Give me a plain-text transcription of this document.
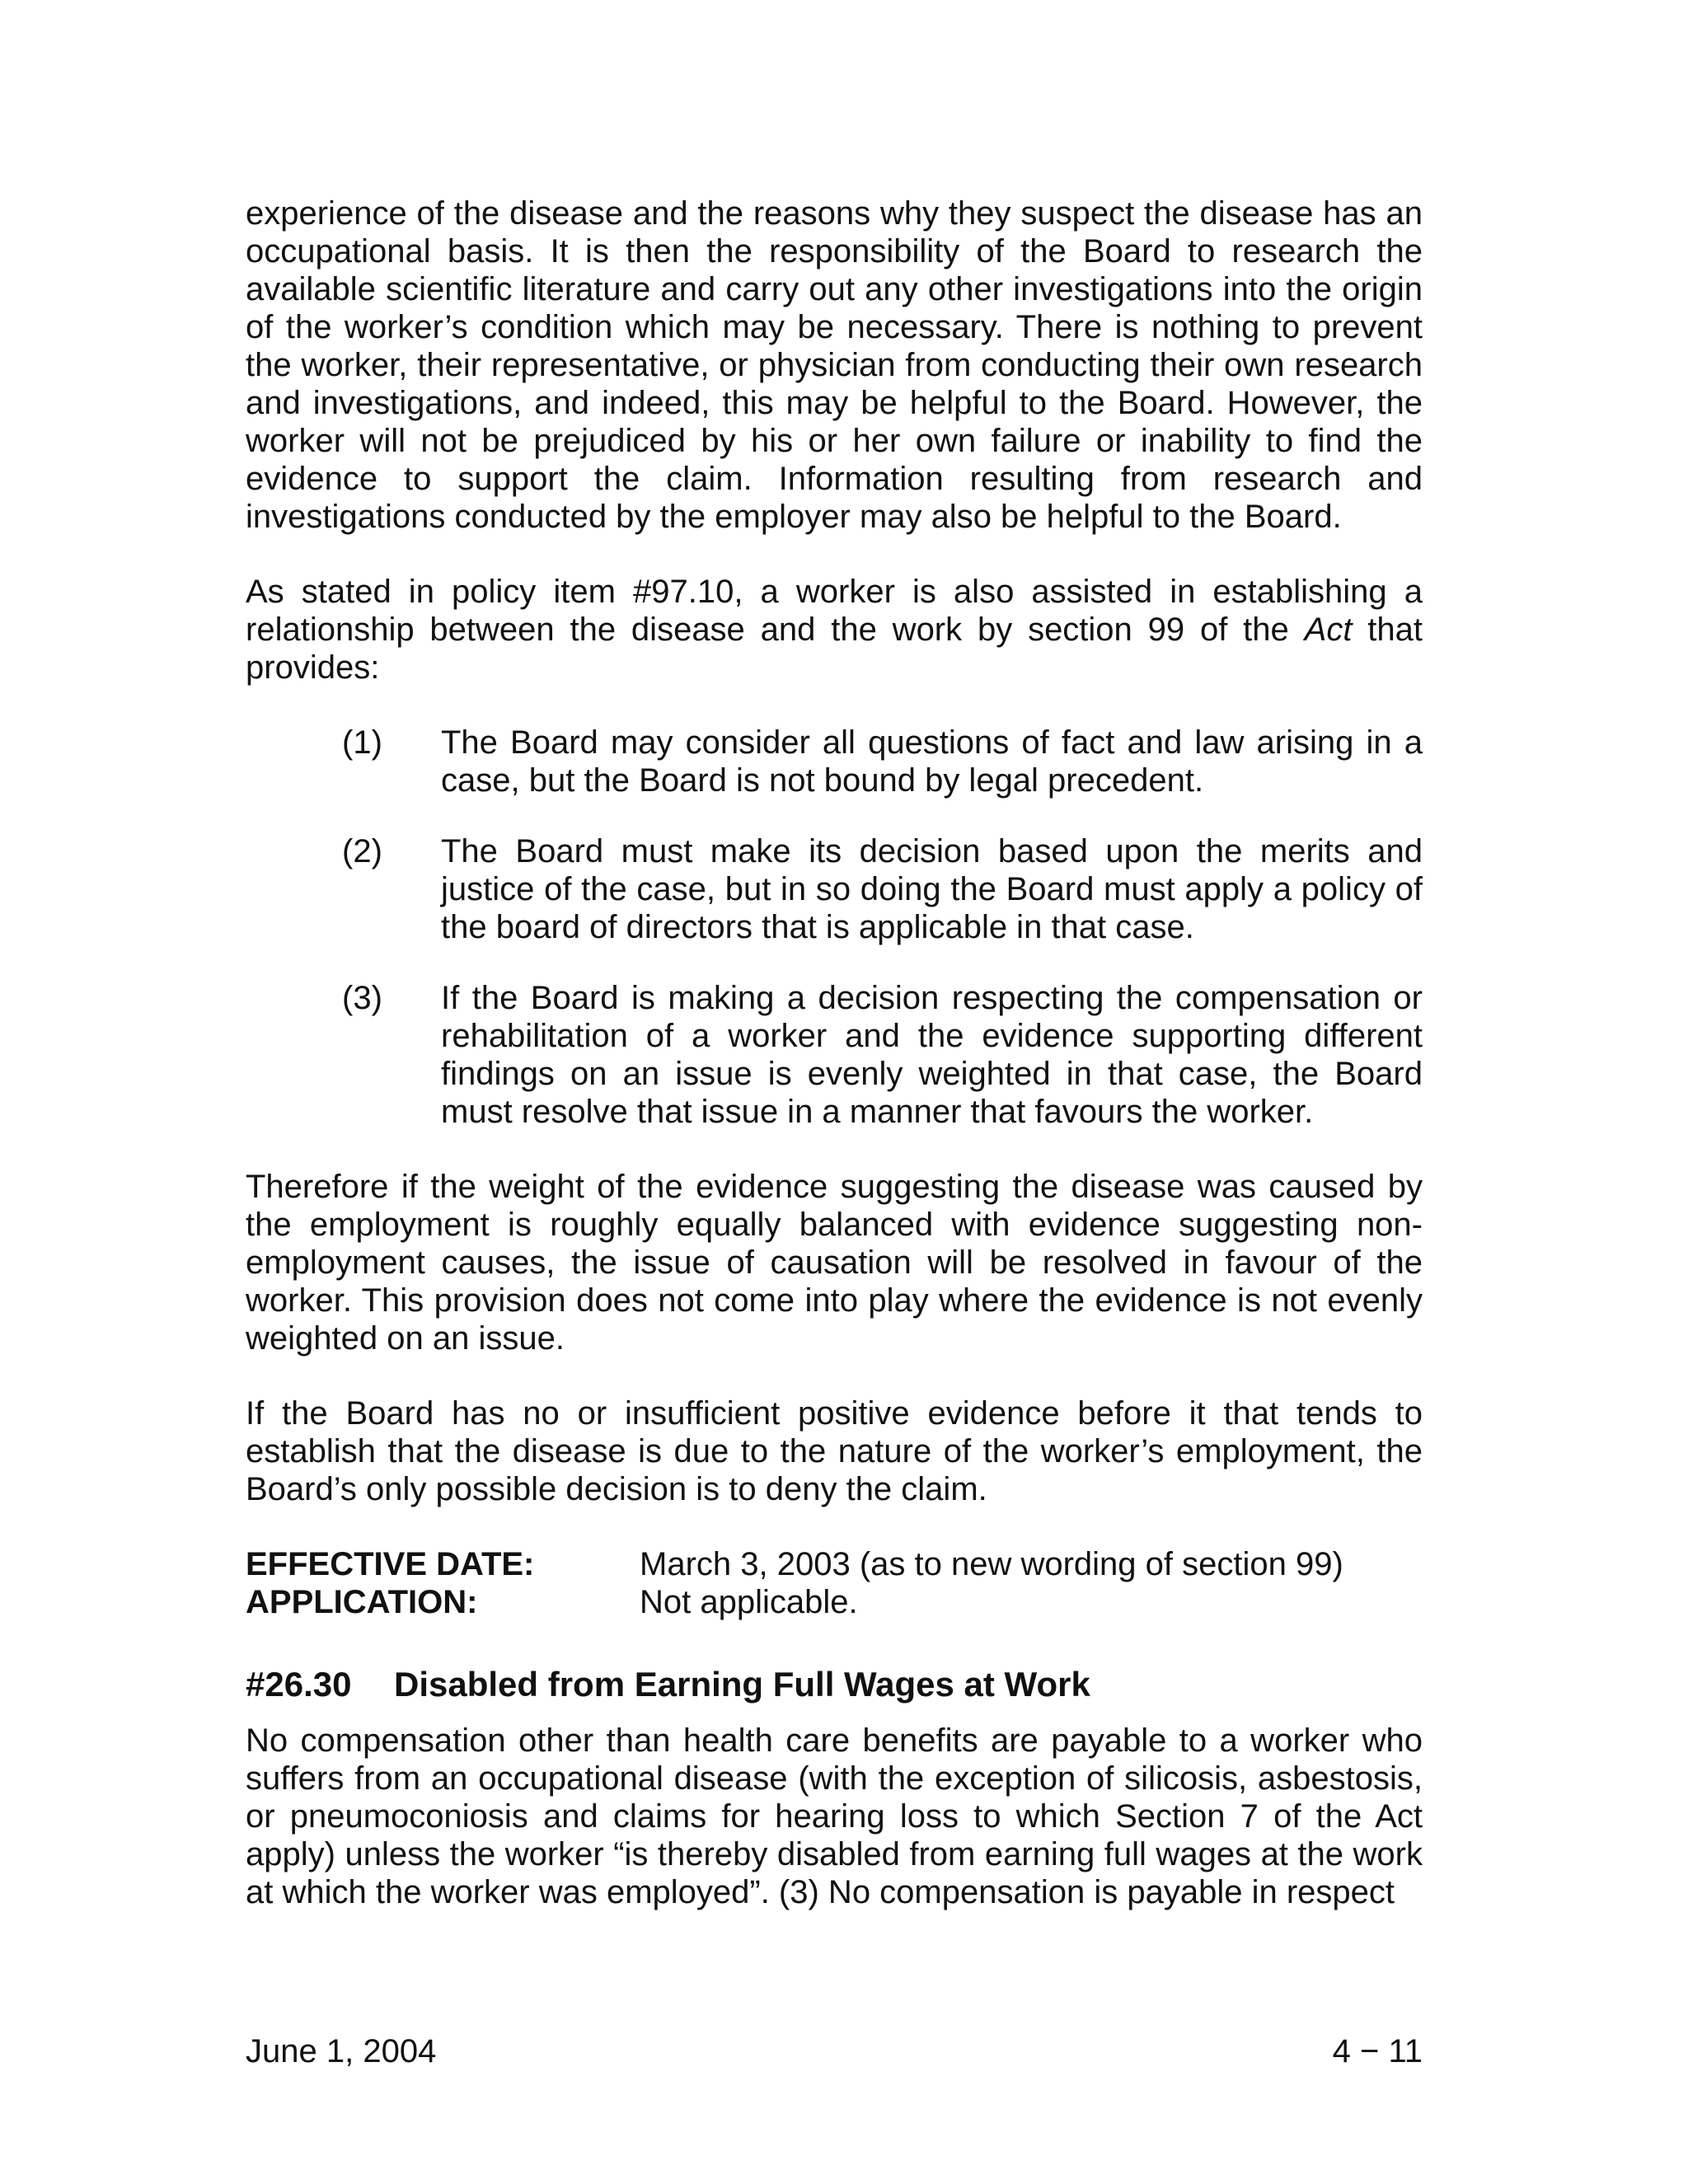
experience of the disease and the reasons why they suspect the disease has an occupational basis. It is then the responsibility of the Board to research the available scientific literature and carry out any other investigations into the origin of the worker’s condition which may be necessary. There is nothing to prevent the worker, their representative, or physician from conducting their own research and investigations, and indeed, this may be helpful to the Board. However, the worker will not be prejudiced by his or her own failure or inability to find the evidence to support the claim. Information resulting from research and investigations conducted by the employer may also be helpful to the Board.

As stated in policy item #97.10, a worker is also assisted in establishing a relationship between the disease and the work by section 99 of the Act that provides:

(1)	The Board may consider all questions of fact and law arising in a case, but the Board is not bound by legal precedent.
(2)	The Board must make its decision based upon the merits and justice of the case, but in so doing the Board must apply a policy of the board of directors that is applicable in that case.
(3)	If the Board is making a decision respecting the compensation or rehabilitation of a worker and the evidence supporting different findings on an issue is evenly weighted in that case, the Board must resolve that issue in a manner that favours the worker.

Therefore if the weight of the evidence suggesting the disease was caused by the employment is roughly equally balanced with evidence suggesting non-employment causes, the issue of causation will be resolved in favour of the worker. This provision does not come into play where the evidence is not evenly weighted on an issue.

If the Board has no or insufficient positive evidence before it that tends to establish that the disease is due to the nature of the worker’s employment, the Board’s only possible decision is to deny the claim.

EFFECTIVE DATE:	March 3, 2003 (as to new wording of section 99)
APPLICATION:	Not applicable.
#26.30	Disabled from Earning Full Wages at Work

No compensation other than health care benefits are payable to a worker who suffers from an occupational disease (with the exception of silicosis, asbestosis, or pneumoconiosis and claims for hearing loss to which Section 7 of the Act apply) unless the worker “is thereby disabled from earning full wages at the work at which the worker was employed”. (3) No compensation is payable in respect

June 1, 2004	4 − 11
